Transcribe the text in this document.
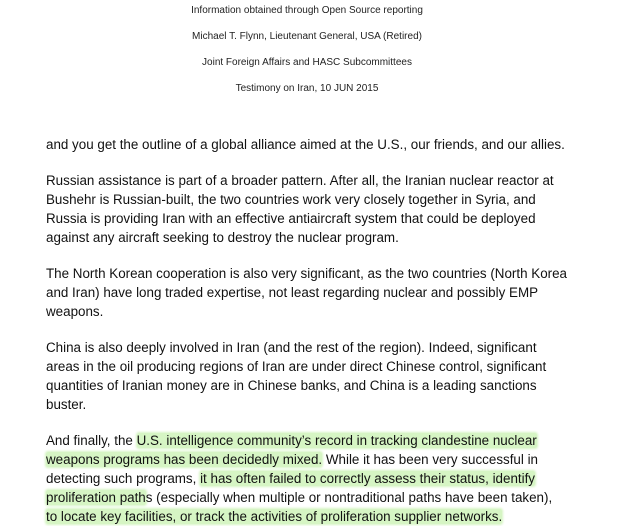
Information obtained through Open Source reporting
Michael T. Flynn, Lieutenant General, USA (Retired)
Joint Foreign Affairs and HASC Subcommittees
Testimony on Iran, 10 JUN 2015
and you get the outline of a global alliance aimed at the U.S., our friends, and our allies.
Russian assistance is part of a broader pattern. After all, the Iranian nuclear reactor at
Bushehr is Russian-built, the two countries work very closely together in Syria, and
Russia is providing Iran with an effective antiaircraft system that could be deployed
against any aircraft seeking to destroy the nuclear program.
The North Korean cooperation is also very significant, as the two countries (North Korea
and Iran) have long traded expertise, not least regarding nuclear and possibly EMP
weapons.
China is also deeply involved in Iran (and the rest of the region). Indeed, significant
areas in the oil producing regions of Iran are under direct Chinese control, significant
quantities of Iranian money are in Chinese banks, and China is a leading sanctions
buster.
And finally, the U.S. intelligence community’s record in tracking clandestine nuclear
weapons programs has been decidedly mixed. While it has been very successful in
detecting such programs, it has often failed to correctly assess their status, identify
proliferation paths (especially when multiple or nontraditional paths have been taken),
to locate key facilities, or track the activities of proliferation supplier networks.
